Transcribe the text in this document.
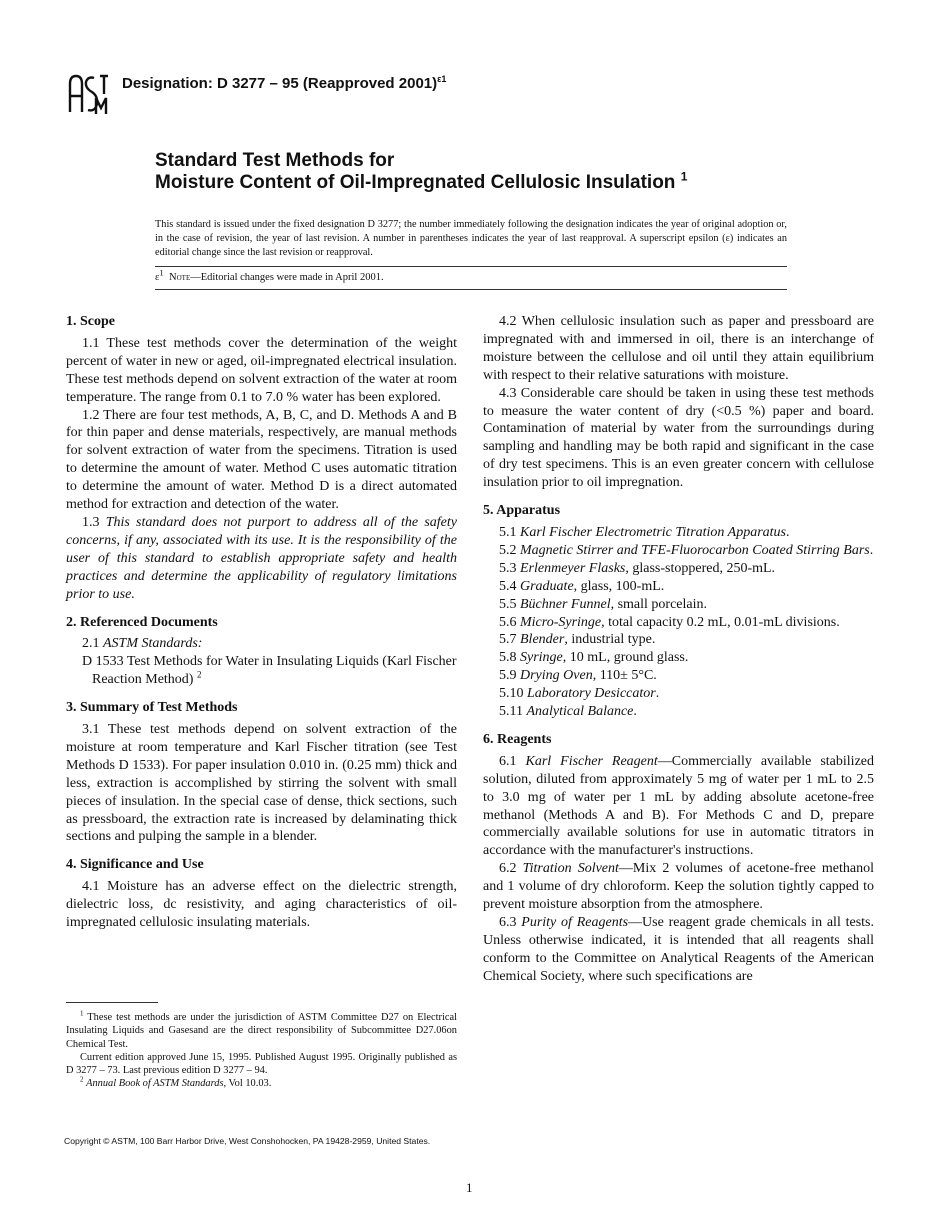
Designation: D 3277 – 95 (Reapproved 2001)$^{\varepsilon 1}$
Standard Test Methods for
Moisture Content of Oil-Impregnated Cellulosic Insulation $^1$
This standard is issued under the fixed designation D 3277; the number immediately following the designation indicates the year of original adoption or, in the case of revision, the year of last revision. A number in parentheses indicates the year of last reapproval. A superscript epsilon (ε) indicates an editorial change since the last revision or reapproval.
$\varepsilon^1$ Note—Editorial changes were made in April 2001.
1. Scope

1.1 These test methods cover the determination of the weight percent of water in new or aged, oil-impregnated electrical insulation. These test methods depend on solvent extraction of the water at room temperature. The range from 0.1 to 7.0 % water has been explored.

1.2 There are four test methods, A, B, C, and D. Methods A and B for thin paper and dense materials, respectively, are manual methods for solvent extraction of water from the specimens. Titration is used to determine the amount of water. Method C uses automatic titration to determine the amount of water. Method D is a direct automated method for extraction and detection of the water.

1.3 This standard does not purport to address all of the safety concerns, if any, associated with its use. It is the responsibility of the user of this standard to establish appropriate safety and health practices and determine the applicability of regulatory limitations prior to use.

2. Referenced Documents

2.1 ASTM Standards:

D 1533 Test Methods for Water in Insulating Liquids (Karl Fischer Reaction Method) $^2$

3. Summary of Test Methods

3.1 These test methods depend on solvent extraction of the moisture at room temperature and Karl Fischer titration (see Test Methods D 1533). For paper insulation 0.010 in. (0.25 mm) thick and less, extraction is accomplished by stirring the solvent with small pieces of insulation. In the special case of dense, thick sections, such as pressboard, the extraction rate is increased by delaminating thick sections and pulping the sample in a blender.

4. Significance and Use

4.1 Moisture has an adverse effect on the dielectric strength, dielectric loss, dc resistivity, and aging characteristics of oil-impregnated cellulosic insulating materials.

4.2 When cellulosic insulation such as paper and pressboard are impregnated with and immersed in oil, there is an interchange of moisture between the cellulose and oil until they attain equilibrium with respect to their relative saturations with moisture.

4.3 Considerable care should be taken in using these test methods to measure the water content of dry (<0.5 %) paper and board. Contamination of material by water from the surroundings during sampling and handling may be both rapid and significant in the case of dry test specimens. This is an even greater concern with cellulose insulation prior to oil impregnation.

5. Apparatus

5.1 Karl Fischer Electrometric Titration Apparatus.

5.2 Magnetic Stirrer and TFE-Fluorocarbon Coated Stirring Bars.

5.3 Erlenmeyer Flasks, glass-stoppered, 250-mL.

5.4 Graduate, glass, 100-mL.

5.5 Büchner Funnel, small porcelain.

5.6 Micro-Syringe, total capacity 0.2 mL, 0.01-mL divisions.

5.7 Blender, industrial type.

5.8 Syringe, 10 mL, ground glass.

5.9 Drying Oven, 110± 5°C.

5.10 Laboratory Desiccator.

5.11 Analytical Balance.

6. Reagents

6.1 Karl Fischer Reagent—Commercially available stabilized solution, diluted from approximately 5 mg of water per 1 mL to 2.5 to 3.0 mg of water per 1 mL by adding absolute acetone-free methanol (Methods A and B). For Methods C and D, prepare commercially available solutions for use in automatic titrators in accordance with the manufacturer's instructions.

6.2 Titration Solvent—Mix 2 volumes of acetone-free methanol and 1 volume of dry chloroform. Keep the solution tightly capped to prevent moisture absorption from the atmosphere.

6.3 Purity of Reagents—Use reagent grade chemicals in all tests. Unless otherwise indicated, it is intended that all reagents shall conform to the Committee on Analytical Reagents of the American Chemical Society, where such specifications are

$^1$ These test methods are under the jurisdiction of ASTM Committee D27 on Electrical Insulating Liquids and Gasesand are the direct responsibility of Subcommittee D27.06on Chemical Test.

Current edition approved June 15, 1995. Published August 1995. Originally published as D 3277 – 73. Last previous edition D 3277 – 94.

$^2$ Annual Book of ASTM Standards, Vol 10.03.

Copyright © ASTM, 100 Barr Harbor Drive, West Conshohocken, PA 19428-2959, United States.
1
